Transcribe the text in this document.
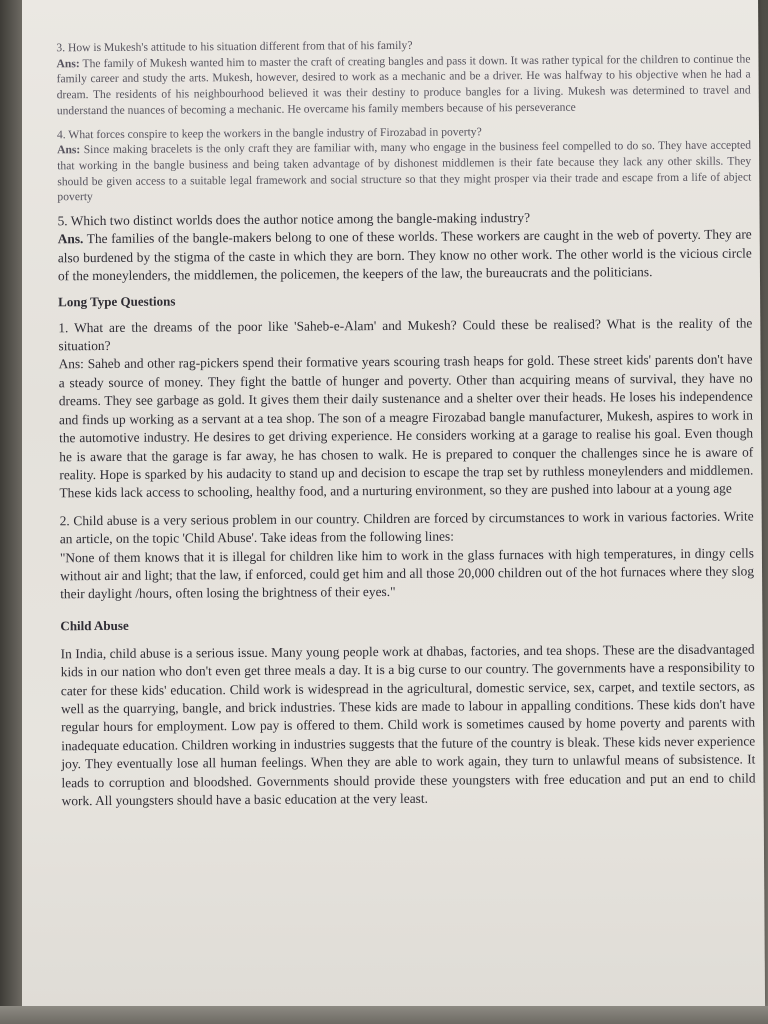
3. How is Mukesh's attitude to his situation different from that of his family?
Ans: The family of Mukesh wanted him to master the craft of creating bangles and pass it down. It was rather typical for the children to continue the family career and study the arts. Mukesh, however, desired to work as a mechanic and be a driver. He was halfway to his objective when he had a dream. The residents of his neighbourhood believed it was their destiny to produce bangles for a living. Mukesh was determined to travel and understand the nuances of becoming a mechanic. He overcame his family members because of his perseverance

4. What forces conspire to keep the workers in the bangle industry of Firozabad in poverty?
Ans: Since making bracelets is the only craft they are familiar with, many who engage in the business feel compelled to do so. They have accepted that working in the bangle business and being taken advantage of by dishonest middlemen is their fate because they lack any other skills. They should be given access to a suitable legal framework and social structure so that they might prosper via their trade and escape from a life of abject poverty

5. Which two distinct worlds does the author notice among the bangle-making industry?
Ans. The families of the bangle-makers belong to one of these worlds. These workers are caught in the web of poverty. They are also burdened by the stigma of the caste in which they are born. They know no other work. The other world is the vicious circle of the moneylenders, the middlemen, the policemen, the keepers of the law, the bureaucrats and the politicians.

Long Type Questions

1. What are the dreams of the poor like 'Saheb-e-Alam' and Mukesh? Could these be realised? What is the reality of the situation?
Ans: Saheb and other rag-pickers spend their formative years scouring trash heaps for gold. These street kids' parents don't have a steady source of money. They fight the battle of hunger and poverty. Other than acquiring means of survival, they have no dreams. They see garbage as gold. It gives them their daily sustenance and a shelter over their heads. He loses his independence and finds up working as a servant at a tea shop. The son of a meagre Firozabad bangle manufacturer, Mukesh, aspires to work in the automotive industry. He desires to get driving experience. He considers working at a garage to realise his goal. Even though he is aware that the garage is far away, he has chosen to walk. He is prepared to conquer the challenges since he is aware of reality. Hope is sparked by his audacity to stand up and decision to escape the trap set by ruthless moneylenders and middlemen. These kids lack access to schooling, healthy food, and a nurturing environment, so they are pushed into labour at a young age

2. Child abuse is a very serious problem in our country. Children are forced by circumstances to work in various factories. Write an article, on the topic 'Child Abuse'. Take ideas from the following lines:
"None of them knows that it is illegal for children like him to work in the glass furnaces with high temperatures, in dingy cells without air and light; that the law, if enforced, could get him and all those 20,000 children out of the hot furnaces where they slog their daylight /hours, often losing the brightness of their eyes."

Child Abuse

In India, child abuse is a serious issue. Many young people work at dhabas, factories, and tea shops. These are the disadvantaged kids in our nation who don't even get three meals a day. It is a big curse to our country. The governments have a responsibility to cater for these kids' education. Child work is widespread in the agricultural, domestic service, sex, carpet, and textile sectors, as well as the quarrying, bangle, and brick industries. These kids are made to labour in appalling conditions. These kids don't have regular hours for employment. Low pay is offered to them. Child work is sometimes caused by home poverty and parents with inadequate education. Children working in industries suggests that the future of the country is bleak. These kids never experience joy. They eventually lose all human feelings. When they are able to work again, they turn to unlawful means of subsistence. It leads to corruption and bloodshed. Governments should provide these youngsters with free education and put an end to child work. All youngsters should have a basic education at the very least.
